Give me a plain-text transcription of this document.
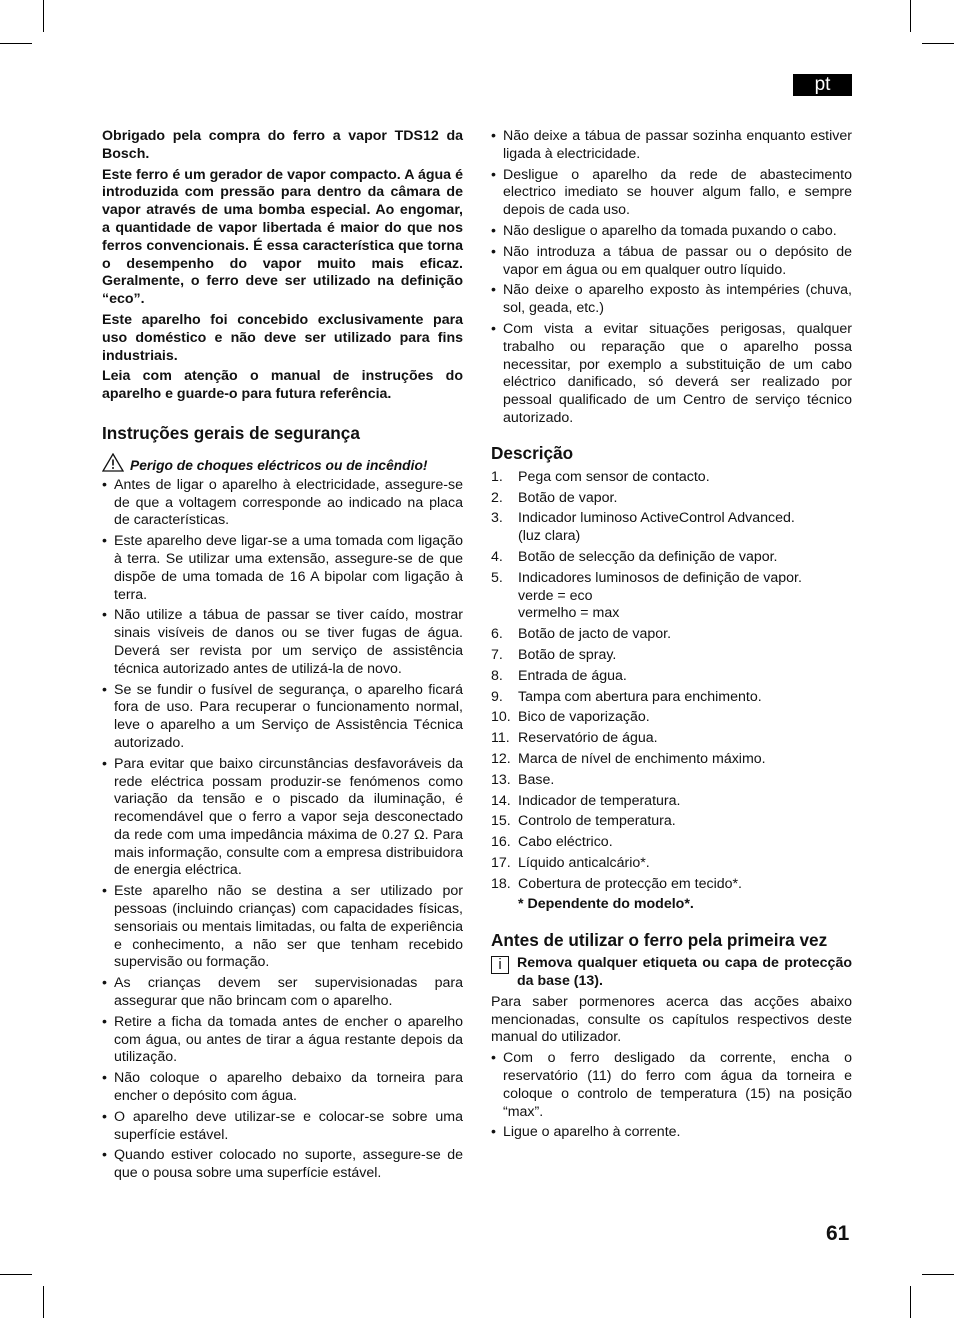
pt

Obrigado pela compra do ferro a vapor TDS12 da Bosch.

Este ferro é um gerador de vapor compacto. A água é introduzida com pressão para dentro da câmara de vapor através de uma bomba especial. Ao engomar, a quantidade de vapor libertada é maior do que nos ferros convencionais. É essa característica que torna o desempenho do vapor muito mais eficaz. Geralmente, o ferro deve ser utilizado na definição “eco”.

Este aparelho foi concebido exclusivamente para uso doméstico e não deve ser utilizado para fins industriais.

Leia com atenção o manual de instruções do aparelho e guarde-o para futura referência.

Instruções gerais de segurança
Perigo de choques eléctricos ou de incêndio!
• Antes de ligar o aparelho à electricidade, assegure-se de que a voltagem corresponde ao indicado na placa de características.
• Este aparelho deve ligar-se a uma tomada com ligação à terra. Se utilizar uma extensão, assegure-se de que dispõe de uma tomada de 16 A bipolar com ligação à terra.
• Não utilize a tábua de passar se tiver caído, mostrar sinais visíveis de danos ou se tiver fugas de água. Deverá ser revista por um serviço de assistência técnica autorizado antes de utilizá-la de novo.
• Se se fundir o fusível de segurança, o aparelho ficará fora de uso. Para recuperar o funcionamento normal, leve o aparelho a um Serviço de Assistência Técnica autorizado.
• Para evitar que baixo circunstâncias desfavoráveis da rede eléctrica possam produzir-se fenómenos como variação da tensão e o piscado da iluminação, é recomendável que o ferro a vapor seja desconectado da rede com uma impedância máxima de 0.27 Ω. Para mais informação, consulte com a empresa distribuidora de energia eléctrica.
• Este aparelho não se destina a ser utilizado por pessoas (incluindo crianças) com capacidades físicas, sensoriais ou mentais limitadas, ou falta de experiência e conhecimento, a não ser que tenham recebido supervisão ou formação.
• As crianças devem ser supervisionadas para assegurar que não brincam com o aparelho.
• Retire a ficha da tomada antes de encher o aparelho com água, ou antes de tirar a água restante depois da utilização.
• Não coloque o aparelho debaixo da torneira para encher o depósito com água.
• O aparelho deve utilizar-se e colocar-se sobre uma superfície estável.
• Quando estiver colocado no suporte, assegure-se de que o pousa sobre uma superfície estável.
• Não deixe a tábua de passar sozinha enquanto estiver ligada à electricidade.
• Desligue o aparelho da rede de abastecimento electrico imediato se houver algum fallo, e sempre depois de cada uso.
• Não desligue o aparelho da tomada puxando o cabo.
• Não introduza a tábua de passar ou o depósito de vapor em água ou em qualquer outro líquido.
• Não deixe o aparelho exposto às intempéries (chuva, sol, geada, etc.)
• Com vista a evitar situações perigosas, qualquer trabalho ou reparação que o aparelho possa necessitar, por exemplo a substituição de um cabo eléctrico danificado, só deverá ser realizado por pessoal qualificado de um Centro de serviço técnico autorizado.
Descrição
1.	Pega com sensor de contacto.
2.	Botão de vapor.
3.	Indicador luminoso ActiveControl Advanced.
(luz clara)
4.	Botão de selecção da definição de vapor.
5.	Indicadores luminosos de definição de vapor.
verde = eco
vermelho = max
6.	Botão de jacto de vapor.
7.	Botão de spray.
8.	Entrada de água.
9.	Tampa com abertura para enchimento.
10. Bico de vaporização.
11. Reservatório de água.
12. Marca de nível de enchimento máximo.
13. Base.
14. Indicador de temperatura.
15. Controlo de temperatura.
16. Cabo eléctrico.
17. Líquido anticalcário*.
18. Cobertura de protecção em tecido*.
* Dependente do modelo*.
Antes de utilizar o ferro pela primeira vez
i	Remova qualquer etiqueta ou capa de protecção da base (13).

Para saber pormenores acerca das acções abaixo mencionadas, consulte os capítulos respectivos deste manual do utilizador.

• Com o ferro desligado da corrente, encha o reservatório (11) do ferro com água da torneira e coloque o controlo de temperatura (15) na posição “max”.
• Ligue o aparelho à corrente.
61
